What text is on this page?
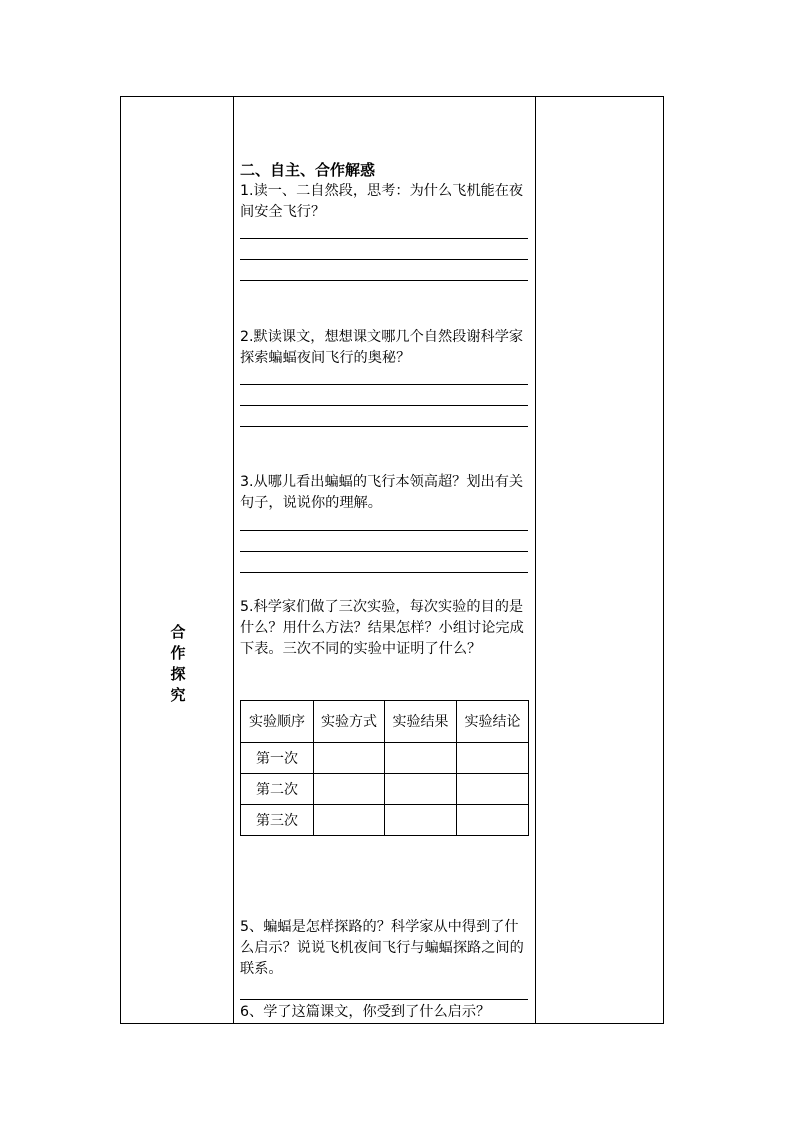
合
作
探
究
二、自主、合作解惑
1.读一、二自然段，思考：为什么飞机能在夜间安全飞行？
2.默读课文，想想课文哪几个自然段谢科学家探索蝙蝠夜间飞行的奥秘？
3.从哪儿看出蝙蝠的飞行本领高超？划出有关句子，说说你的理解。
5.科学家们做了三次实验，每次实验的目的是什么？用什么方法？结果怎样？小组讨论完成下表。三次不同的实验中证明了什么？
实验顺序	实验方式	实验结果	实验结论
第一次			
第二次			
第三次			
5、蝙蝠是怎样探路的？科学家从中得到了什么启示？说说飞机夜间飞行与蝙蝠探路之间的联系。
6、学了这篇课文，你受到了什么启示？
